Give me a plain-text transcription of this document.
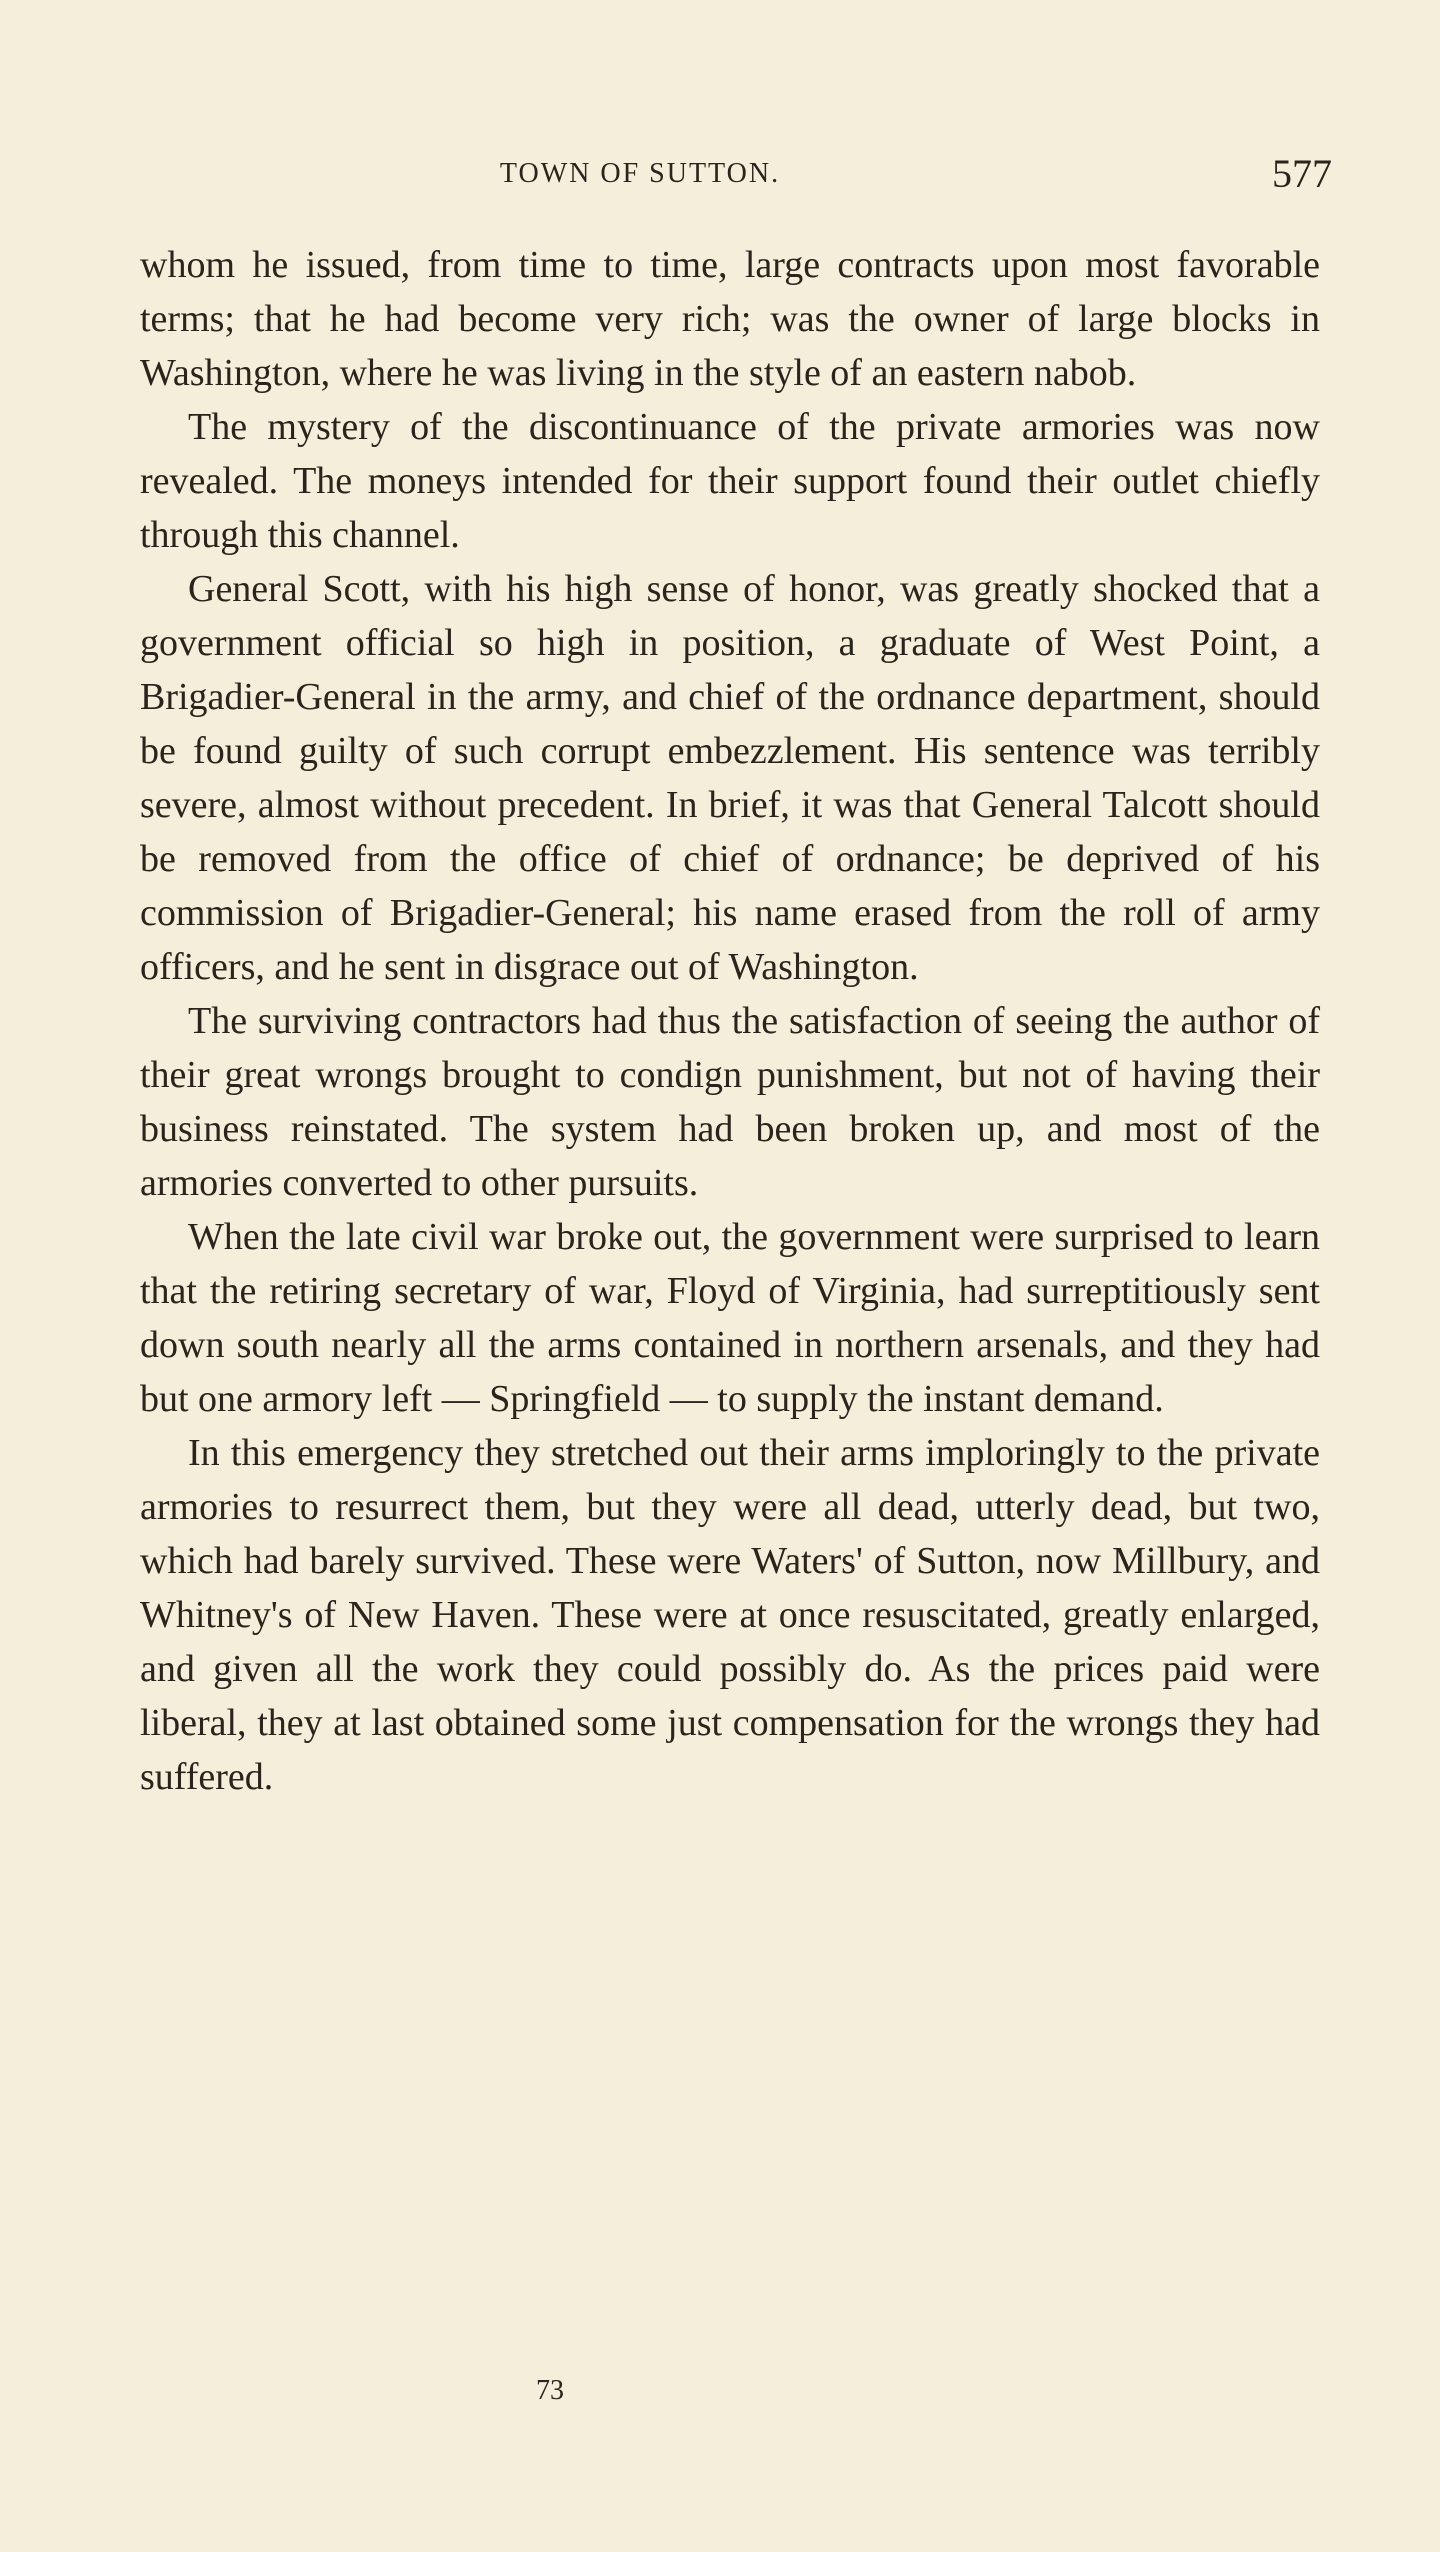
TOWN OF SUTTON.	577

whom he issued, from time to time, large contracts upon most favorable terms; that he had become very rich; was the owner of large blocks in Washington, where he was living in the style of an eastern nabob.

The mystery of the discontinuance of the private armories was now revealed. The moneys intended for their support found their outlet chiefly through this channel.

General Scott, with his high sense of honor, was greatly shocked that a government official so high in position, a graduate of West Point, a Brigadier-General in the army, and chief of the ordnance department, should be found guilty of such corrupt embezzlement. His sentence was terribly severe, almost without precedent. In brief, it was that General Talcott should be removed from the office of chief of ordnance; be deprived of his commission of Brigadier-General; his name erased from the roll of army officers, and he sent in disgrace out of Washington.

The surviving contractors had thus the satisfaction of seeing the author of their great wrongs brought to condign punishment, but not of having their business reinstated. The system had been broken up, and most of the armories converted to other pursuits.

When the late civil war broke out, the government were surprised to learn that the retiring secretary of war, Floyd of Virginia, had surreptitiously sent down south nearly all the arms contained in northern arsenals, and they had but one armory left — Springfield — to supply the instant demand.

In this emergency they stretched out their arms imploringly to the private armories to resurrect them, but they were all dead, utterly dead, but two, which had barely survived. These were Waters' of Sutton, now Millbury, and Whitney's of New Haven. These were at once resuscitated, greatly enlarged, and given all the work they could possibly do. As the prices paid were liberal, they at last obtained some just compensation for the wrongs they had suffered.

73
